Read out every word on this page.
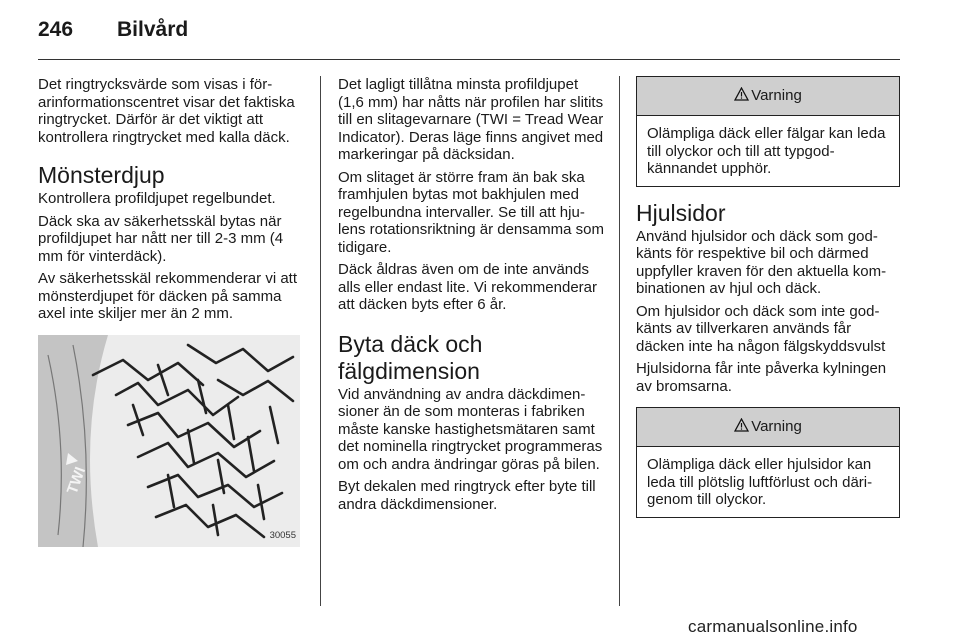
246 Bilvård

Det ringtrycksvärde som visas i förarinformationscentret visar det faktiska ringtrycket. Därför är det viktigt att kontrollera ringtrycket med kalla däck.

Mönsterdjup

Kontrollera profildjupet regelbundet.

Däck ska av säkerhetsskäl bytas när profildjupet har nått ner till 2-3 mm (4 mm för vinterdäck).

Av säkerhetsskäl rekommenderar vi att mönsterdjupet för däcken på samma axel inte skiljer mer än 2 mm.

TWI
30055

Det lagligt tillåtna minsta profildjupet (1,6 mm) har nåtts när profilen har slitits till en slitagevarnare (TWI = Tread Wear Indicator). Deras läge finns angivet med markeringar på däcksidan.

Om slitaget är större fram än bak ska framhjulen bytas mot bakhjulen med regelbundna intervaller. Se till att hjulens rotationsriktning är densamma som tidigare.

Däck åldras även om de inte används alls eller endast lite. Vi rekommenderar att däcken byts efter 6 år.

Byta däck och fälgdimension

Vid användning av andra däckdimensioner än de som monteras i fabriken måste kanske hastighetsmätaren samt det nominella ringtrycket programmeras om och andra ändringar göras på bilen.

Byt dekalen med ringtryck efter byte till andra däckdimensioner.

Varning
Olämpliga däck eller fälgar kan leda till olyckor och till att typgodkännandet upphör.
Hjulsidor

Använd hjulsidor och däck som godkänts för respektive bil och därmed uppfyller kraven för den aktuella kombinationen av hjul och däck.

Om hjulsidor och däck som inte godkänts av tillverkaren används får däcken inte ha någon fälgskyddsvulst

Hjulsidorna får inte påverka kylningen av bromsarna.

Varning
Olämpliga däck eller hjulsidor kan leda till plötslig luftförlust och därigenom till olyckor.
carmanualsonline.info
